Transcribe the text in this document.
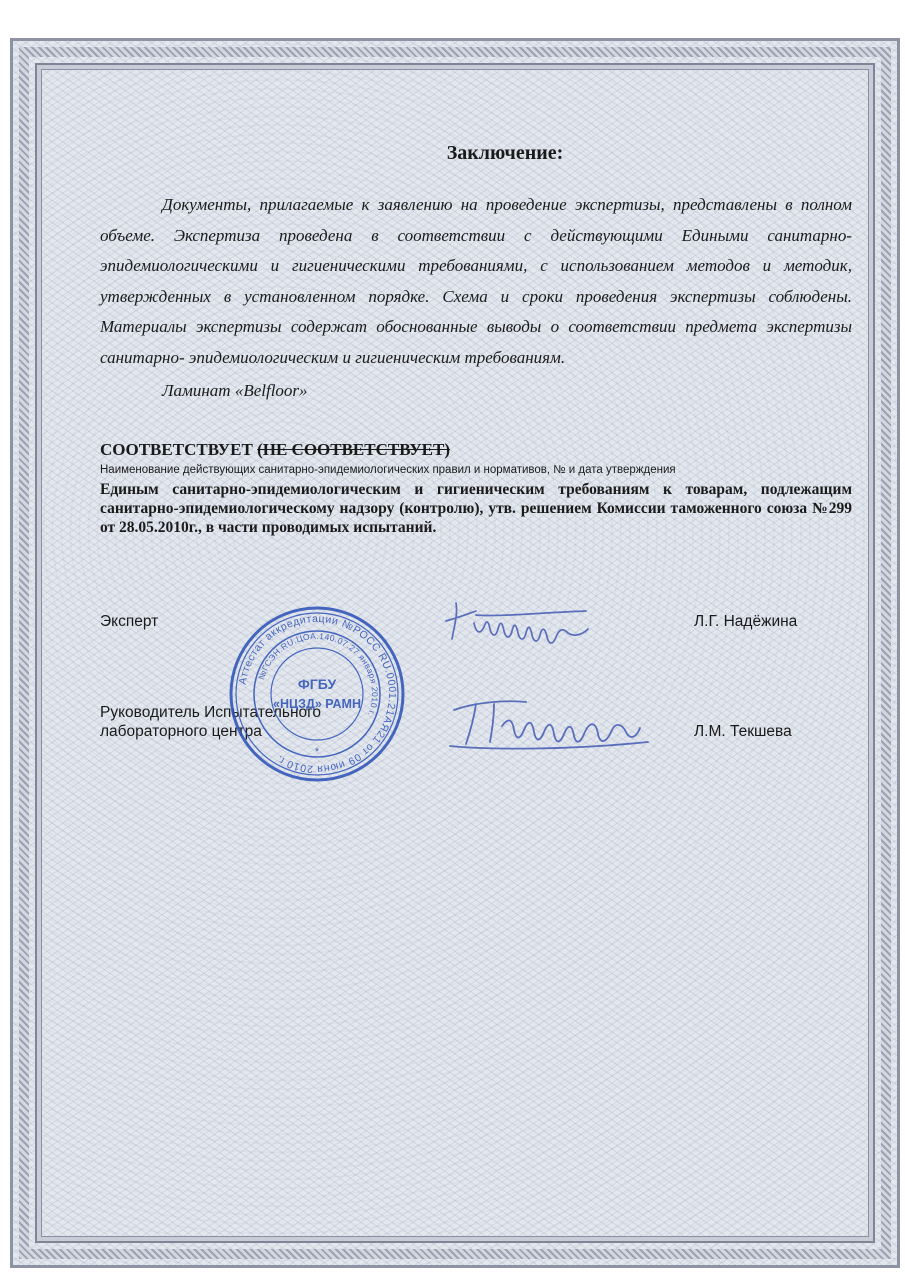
Заключение:

Документы, прилагаемые к заявлению на проведение экспертизы, представлены в полном объеме. Экспертиза проведена в соответствии с действующими Едиными санитарно-эпидемиологическими и гигиеническими требованиями, с использованием методов и методик, утвержденных в установленном порядке. Схема и сроки проведения экспертизы соблюдены. Материалы экспертизы содержат обоснованные выводы о соответствии предмета экспертизы санитарно- эпидемиологическим и гигиеническим требованиям.

Ламинат «Belfloor»
СООТВЕТСТВУЕТ (НЕ СООТВЕТСТВУЕТ)
Наименование действующих санитарно-эпидемиологических правил и нормативов, № и дата утверждения

Единым санитарно-эпидемиологическим и гигиеническим требованиям к товарам, подлежащим санитарно-эпидемиологическому надзору (контролю), утв. решением Комиссии таможенного союза №299 от 28.05.2010г., в части проводимых испытаний.

Эксперт	Л.Г. Надёжина
Руководитель Испытательного лабораторного центра	Л.М. Текшева
Аттестат аккредитации №РОСС RU.0001.21АЯ21 от 09 июня 2010 г.
№ГСЭН.RU.ЦОА.140.07.27 января 2010 г.
ФГБУ
«НЦЗД» РАМН
*
